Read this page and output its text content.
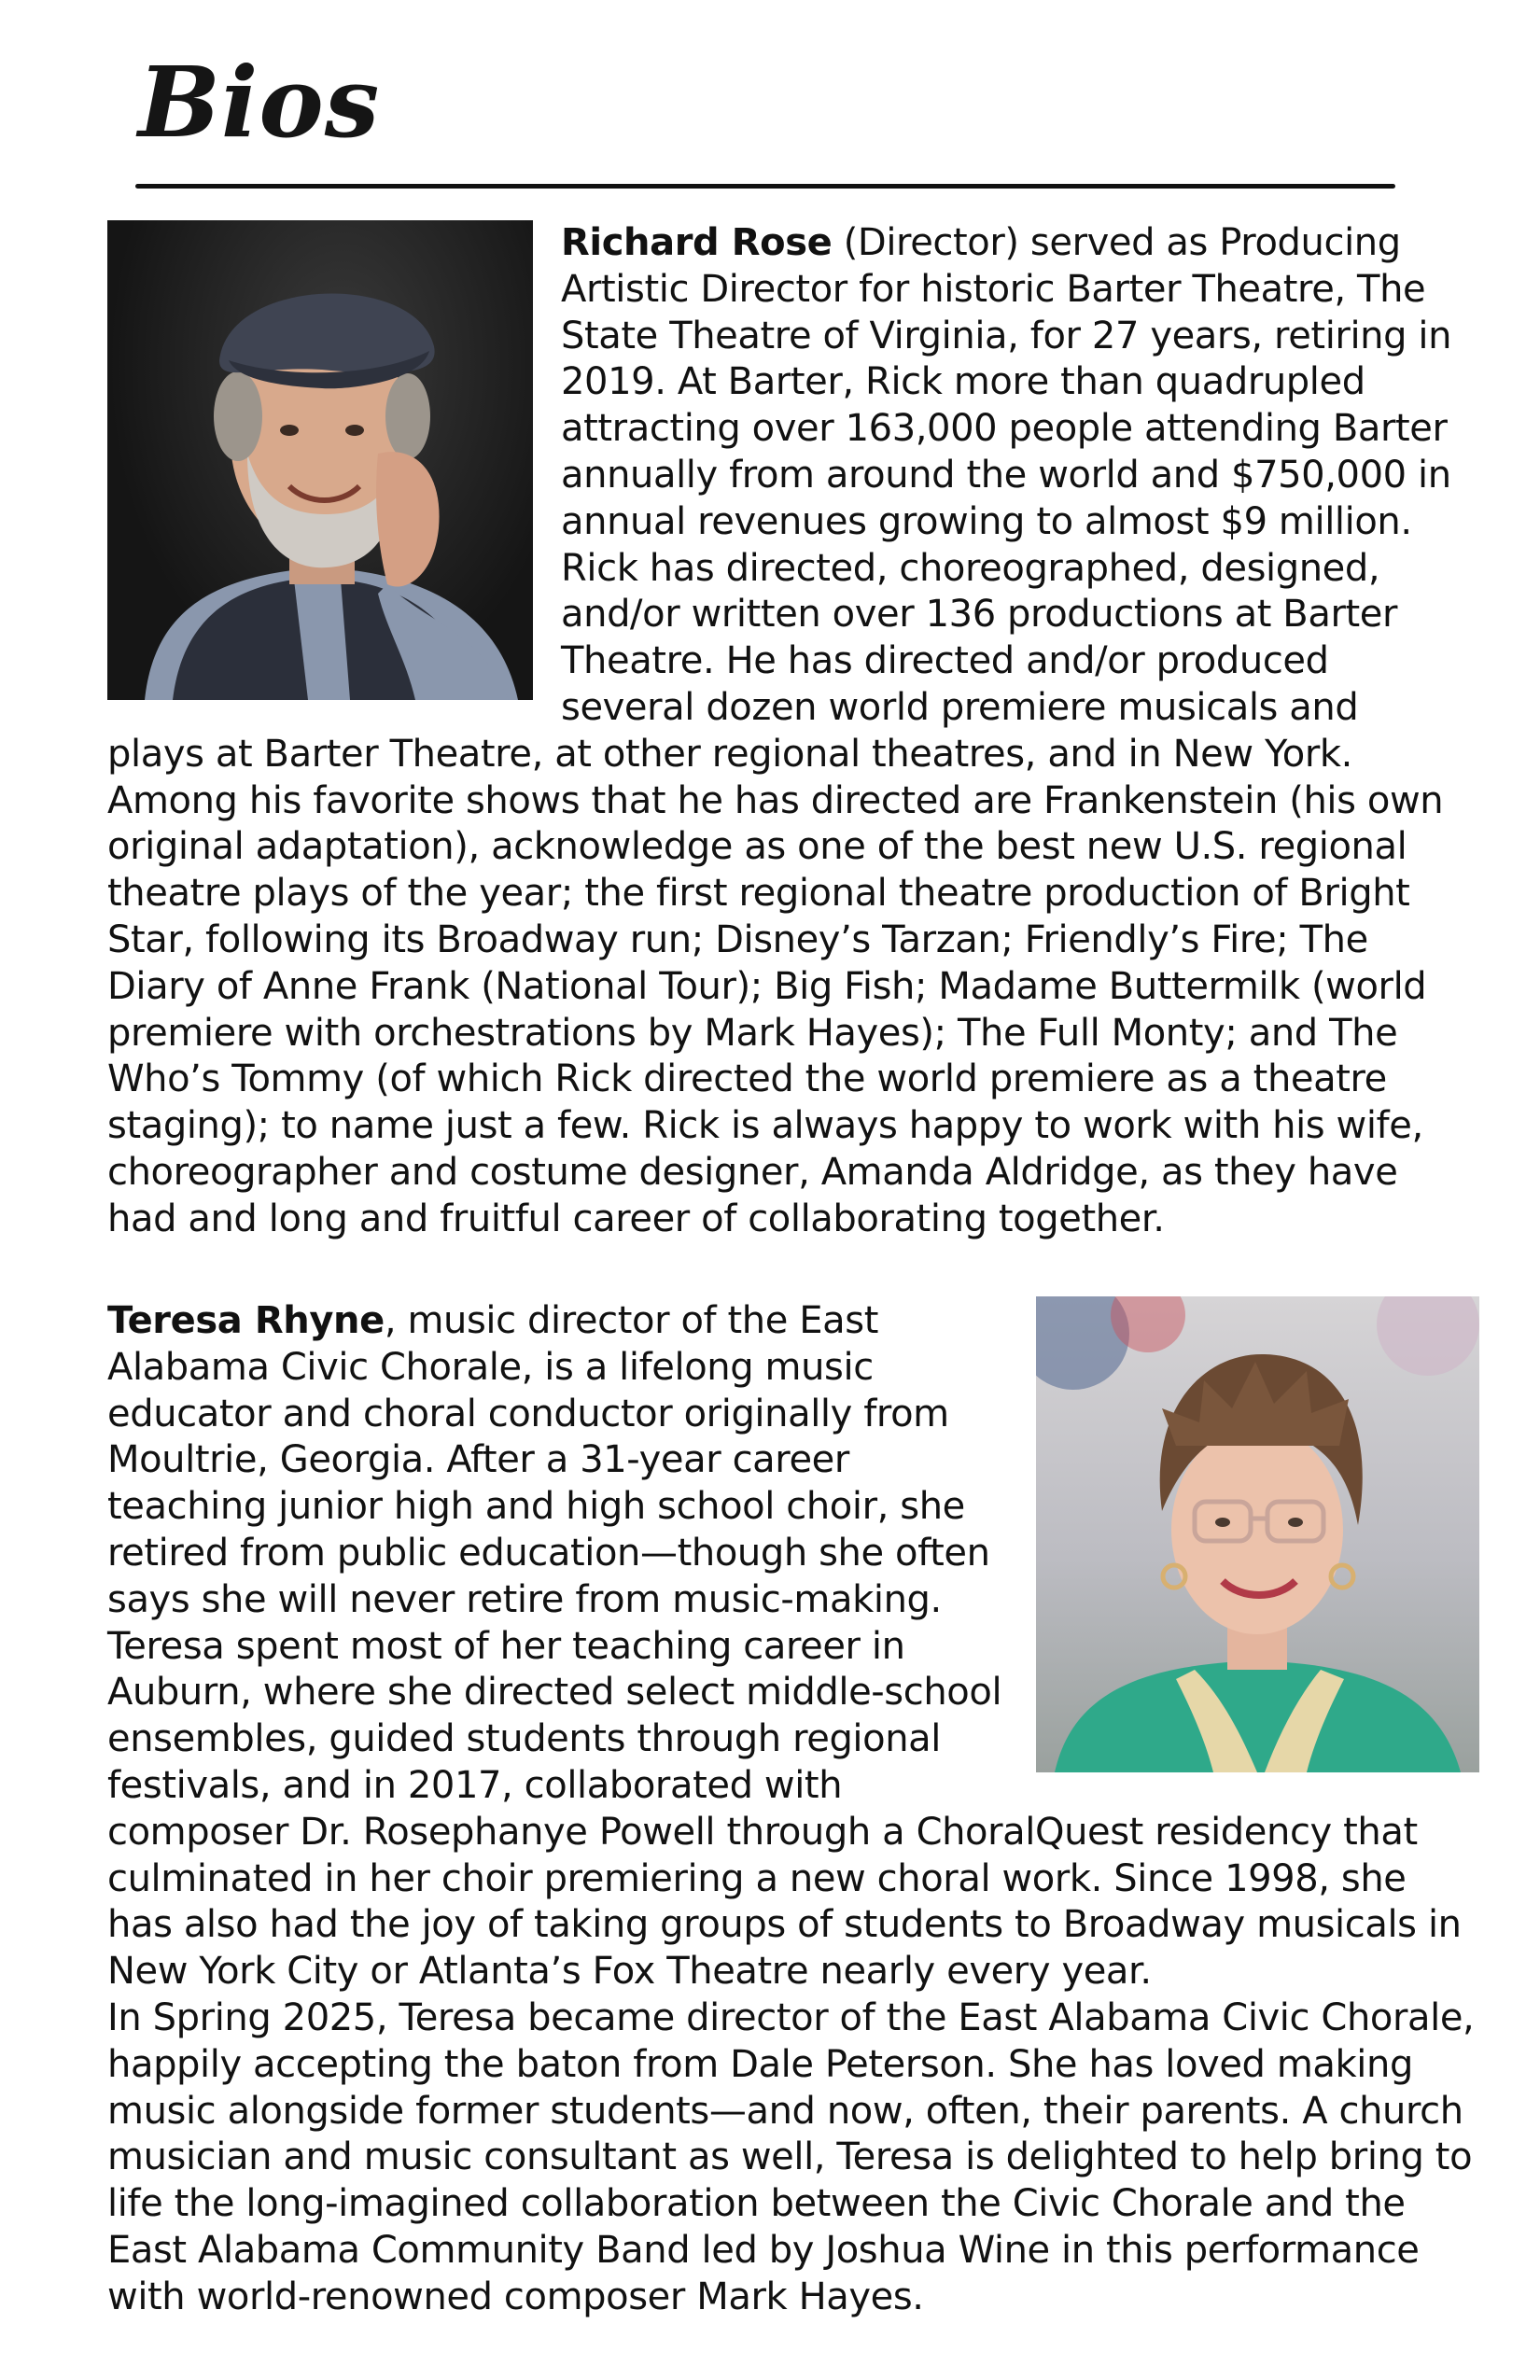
Bios

Richard Rose (Director) served as Producing Artistic Director for historic Barter Theatre, The State Theatre of Virginia, for 27 years, retiring in 2019. At Barter, Rick more than quadrupled attracting over 163,000 people attending Barter annually from around the world and $750,000 in annual revenues growing to almost $9 million. Rick has directed, choreographed, designed, and/or written over 136 productions at Barter Theatre. He has directed and/or produced several dozen world premiere musicals and plays at Barter Theatre, at other regional theatres, and in New York. Among his favorite shows that he has directed are Frankenstein (his own original adaptation), acknowledge as one of the best new U.S. regional theatre plays of the year; the first regional theatre production of Bright Star, following its Broadway run; Disney’s Tarzan; Friendly’s Fire; The Diary of Anne Frank (National Tour); Big Fish; Madame Buttermilk (world premiere with orchestrations by Mark Hayes); The Full Monty; and The Who’s Tommy (of which Rick directed the world premiere as a theatre staging); to name just a few. Rick is always happy to work with his wife, choreographer and costume designer, Amanda Aldridge, as they have had and long and fruitful career of collaborating together.

Teresa Rhyne, music director of the East Alabama Civic Chorale, is a lifelong music educator and choral conductor originally from Moultrie, Georgia. After a 31-year career teaching junior high and high school choir, she retired from public education—though she often says she will never retire from music-making. Teresa spent most of her teaching career in Auburn, where she directed select middle-school ensembles, guided students through regional festivals, and in 2017, collaborated with composer Dr. Rosephanye Powell through a ChoralQuest residency that culminated in her choir premiering a new choral work. Since 1998, she has also had the joy of taking groups of students to Broadway musicals in New York City or Atlanta’s Fox Theatre nearly every year.

In Spring 2025, Teresa became director of the East Alabama Civic Chorale, happily accepting the baton from Dale Peterson. She has loved making music alongside former students—and now, often, their parents. A church musician and music consultant as well, Teresa is delighted to help bring to life the long-imagined collaboration between the Civic Chorale and the East Alabama Community Band led by Joshua Wine in this performance with world-renowned composer Mark Hayes.
